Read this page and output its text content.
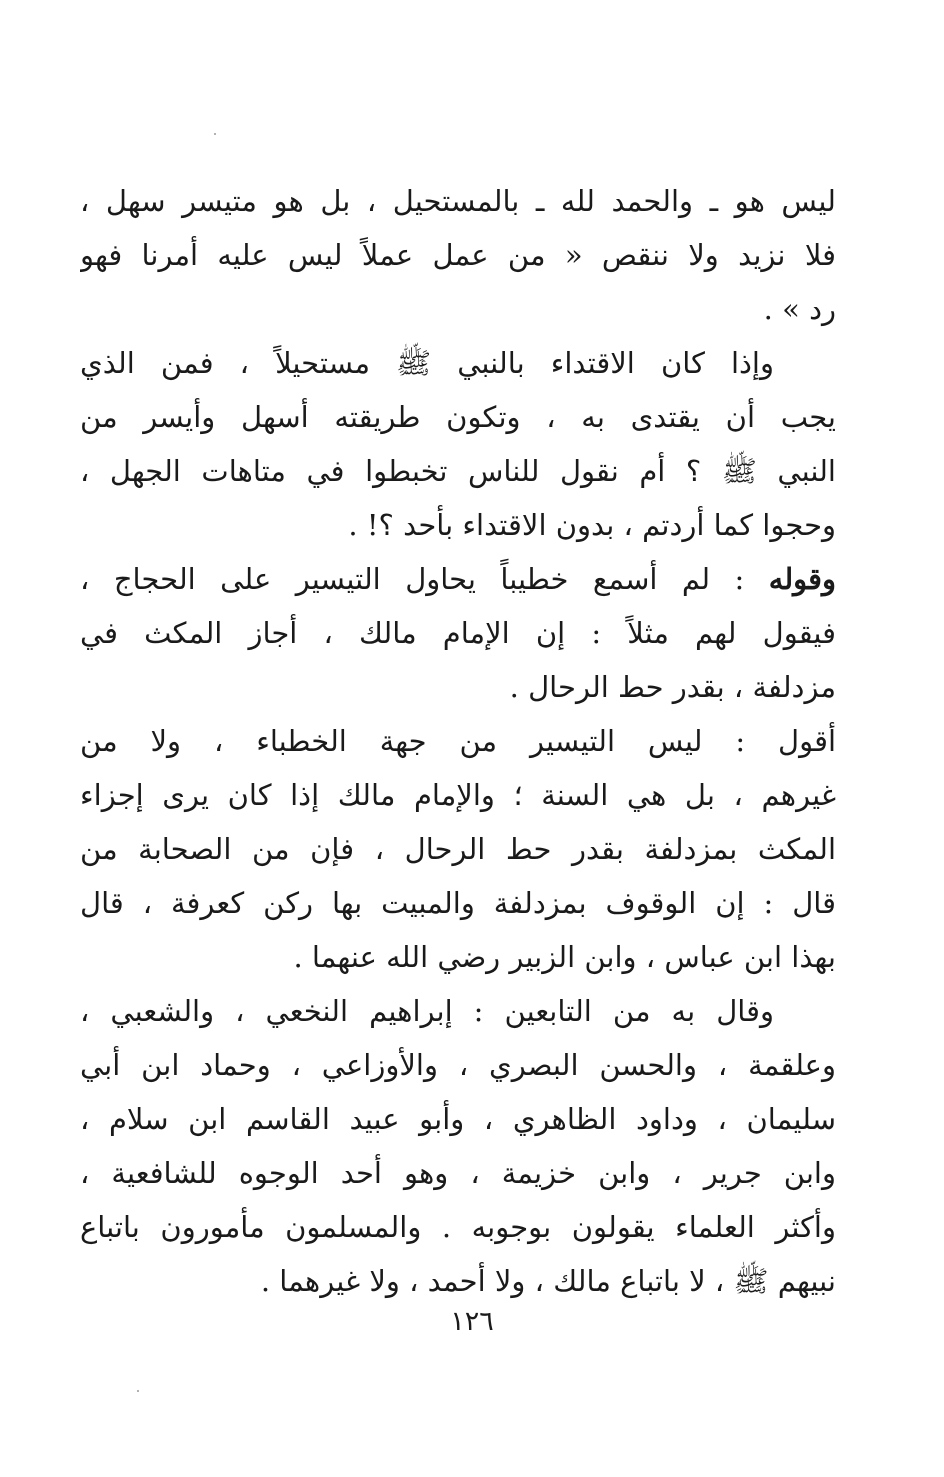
ليس هو ـ والحمد لله ـ بالمستحيل ، بل هو متيسر سهل ،
فلا نزيد ولا ننقص « من عمل عملاً ليس عليه أمرنا فهو
رد » .
وإذا كان الاقتداء بالنبي ﷺ مستحيلاً ، فمن الذي
يجب أن يقتدى به ، وتكون طريقته أسهل وأيسر من
النبي ﷺ ؟ أم نقول للناس تخبطوا في متاهات الجهل ،
وحجوا كما أردتم ، بدون الاقتداء بأحد ؟! .
وقوله : لم أسمع خطيباً يحاول التيسير على الحجاج ،
فيقول لهم مثلاً : إن الإمام مالك ، أجاز المكث في
مزدلفة ، بقدر حط الرحال .
أقول : ليس التيسير من جهة الخطباء ، ولا من
غيرهم ، بل هي السنة ؛ والإمام مالك إذا كان يرى إجزاء
المكث بمزدلفة بقدر حط الرحال ، فإن من الصحابة من
قال : إن الوقوف بمزدلفة والمبيت بها ركن كعرفة ، قال
بهذا ابن عباس ، وابن الزبير رضي الله عنهما .
وقال به من التابعين : إبراهيم النخعي ، والشعبي ،
وعلقمة ، والحسن البصري ، والأوزاعي ، وحماد ابن أبي
سليمان ، وداود الظاهري ، وأبو عبيد القاسم ابن سلام ،
وابن جرير ، وابن خزيمة ، وهو أحد الوجوه للشافعية ،
وأكثر العلماء يقولون بوجوبه . والمسلمون مأمورون باتباع
نبيهم ﷺ ، لا باتباع مالك ، ولا أحمد ، ولا غيرهما .
١٢٦
